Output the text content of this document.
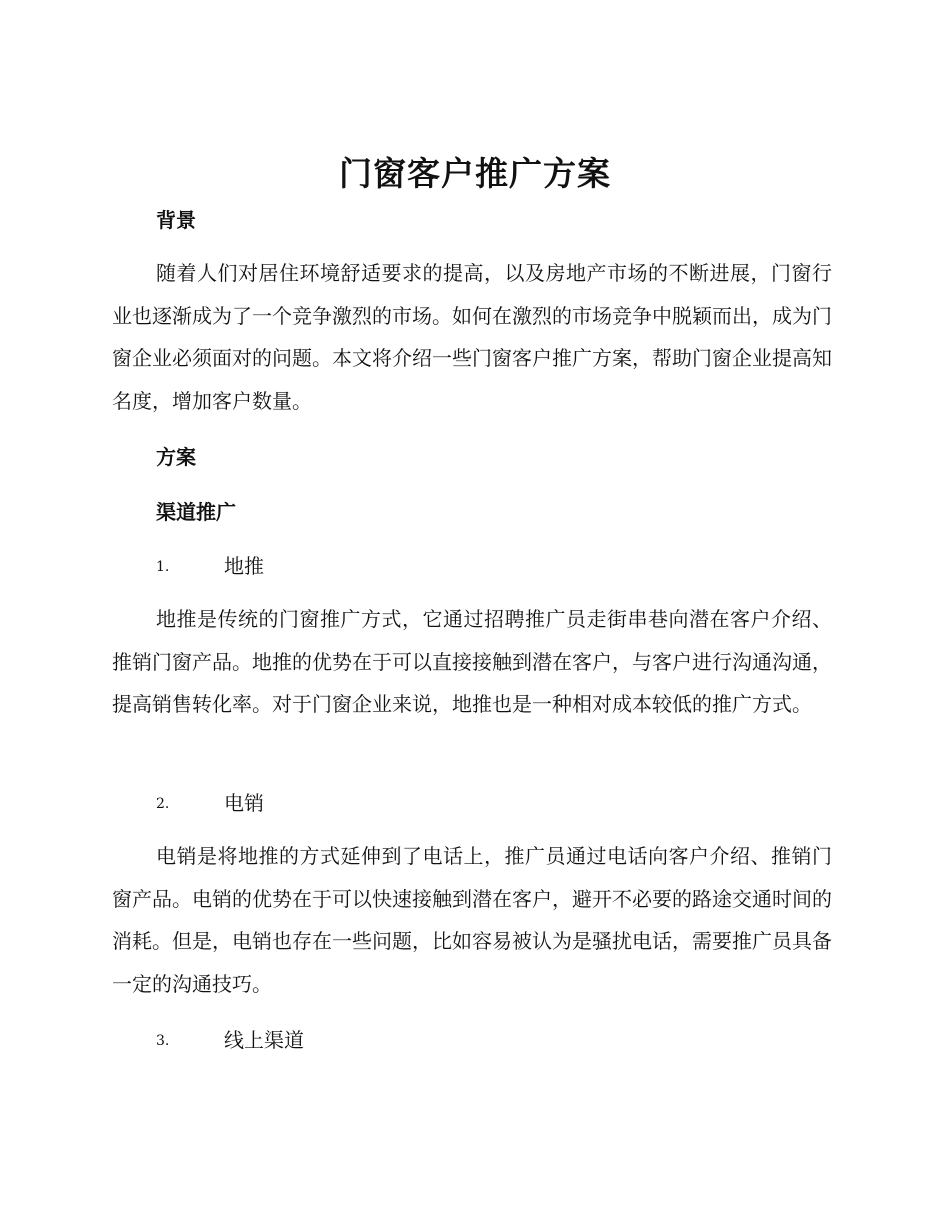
门窗客户推广方案
背景

随着人们对居住环境舒适要求的提高，以及房地产市场的不断进展，门窗行业也逐渐成为了一个竞争激烈的市场。如何在激烈的市场竞争中脱颖而出，成为门窗企业必须面对的问题。本文将介绍一些门窗客户推广方案，帮助门窗企业提高知名度，增加客户数量。

方案
渠道推广
1.	地推

地推是传统的门窗推广方式，它通过招聘推广员走街串巷向潜在客户介绍、推销门窗产品。地推的优势在于可以直接接触到潜在客户，与客户进行沟通沟通，提高销售转化率。对于门窗企业来说，地推也是一种相对成本较低的推广方式。

2.	电销

电销是将地推的方式延伸到了电话上，推广员通过电话向客户介绍、推销门窗产品。电销的优势在于可以快速接触到潜在客户，避开不必要的路途交通时间的消耗。但是，电销也存在一些问题，比如容易被认为是骚扰电话，需要推广员具备一定的沟通技巧。

3.	线上渠道
